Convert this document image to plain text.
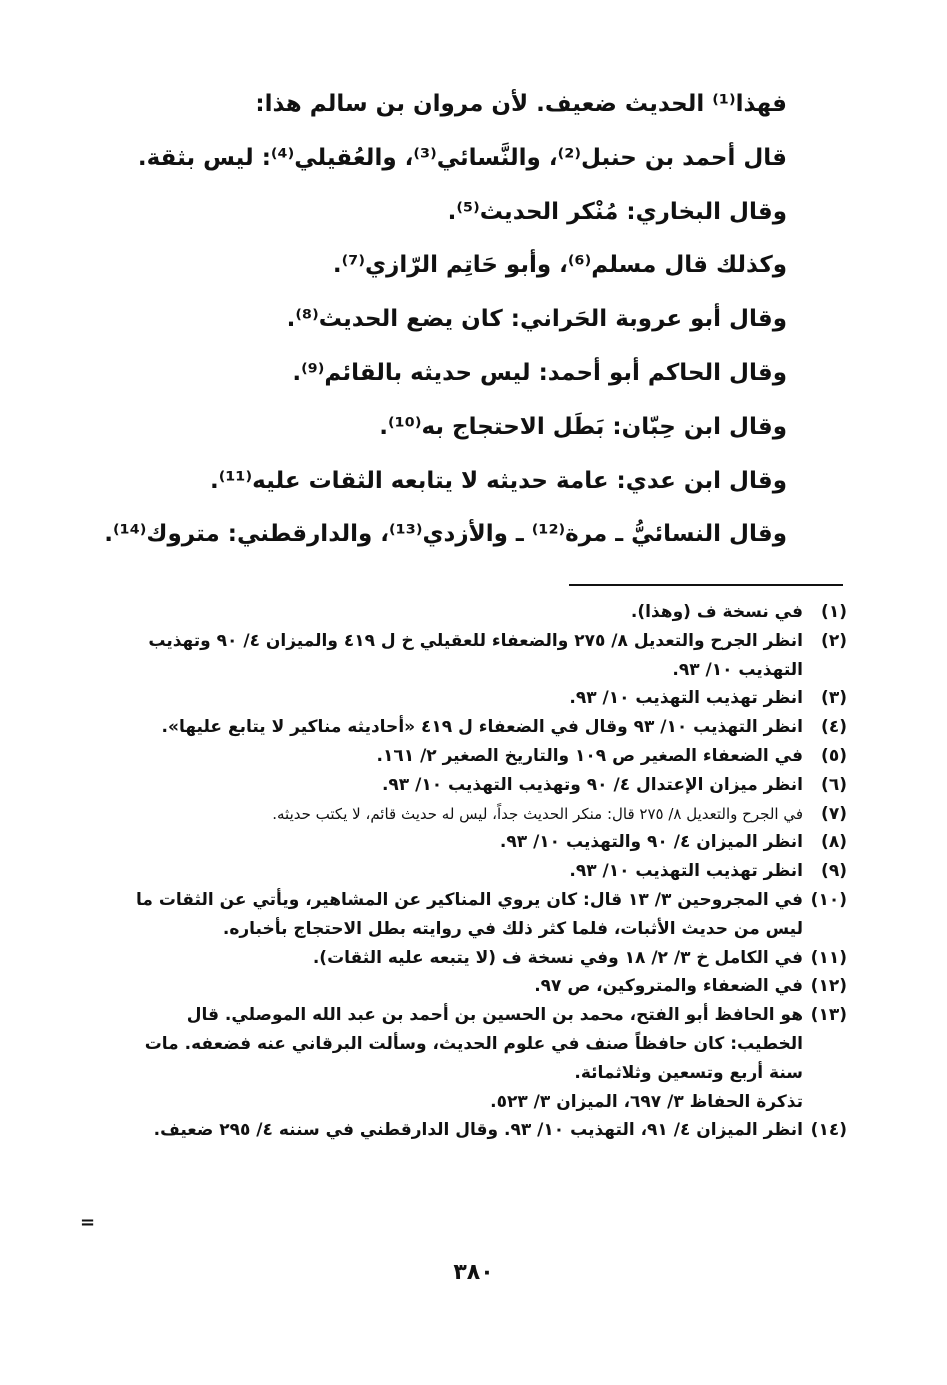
فهذا⁽¹⁾ الحديث ضعيف. لأن مروان بن سالم هذا:
قال أحمد بن حنبل⁽²⁾، والنَّسائي⁽³⁾، والعُقيلي⁽⁴⁾: ليس بثقة.
وقال البخاري: مُنْكر الحديث⁽⁵⁾.
وكذلك قال مسلم⁽⁶⁾، وأبو حَاتِم الرّازي⁽⁷⁾.
وقال أبو عروبة الحَراني: كان يضع الحديث⁽⁸⁾.
وقال الحاكم أبو أحمد: ليس حديثه بالقائم⁽⁹⁾.
وقال ابن حِبّان: بَطَل الاحتجاج به⁽¹⁰⁾.
وقال ابن عدي: عامة حديثه لا يتابعه الثقات عليه⁽¹¹⁾.
وقال النسائيُّ ـ مرة⁽¹²⁾ ـ والأزدي⁽¹³⁾، والدارقطني: متروك⁽¹⁴⁾.
(١)
في نسخة ف (وهذا).
(٢)
انظر الجرح والتعديل ٨/ ٢٧٥ والضعفاء للعقيلي خ ل ٤١٩ والميزان ٤/ ٩٠ وتهذيب
التهذيب ١٠/ ٩٣.
(٣)
انظر تهذيب التهذيب ١٠/ ٩٣.
(٤)
انظر التهذيب ١٠/ ٩٣ وقال في الضعفاء ل ٤١٩ «أحاديثه مناكير لا يتابع عليها».
(٥)
في الضعفاء الصغير ص ١٠٩ والتاريخ الصغير ٢/ ١٦١.
(٦)
انظر ميزان الإعتدال ٤/ ٩٠ وتهذيب التهذيب ١٠/ ٩٣.
(٧)
في الجرح والتعديل ٨/ ٢٧٥ قال: منكر الحديث جداً، ليس له حديث قائم، لا يكتب حديثه.
(٨)
انظر الميزان ٤/ ٩٠ والتهذيب ١٠/ ٩٣.
(٩)
انظر تهذيب التهذيب ١٠/ ٩٣.
(١٠)
في المجروحين ٣/ ١٣ قال: كان يروي المناكير عن المشاهير، ويأتي عن الثقات ما
ليس من حديث الأثبات، فلما كثر ذلك في روايته بطل الاحتجاج بأخباره.
(١١)
في الكامل خ ٣/ ٢/ ١٨ وفي نسخة ف (لا يتبعه عليه الثقات).
(١٢)
في الضعفاء والمتروكين، ص ٩٧.
(١٣)
هو الحافظ أبو الفتح، محمد بن الحسين بن أحمد بن عبد الله الموصلي. قال
الخطيب: كان حافظاً صنف في علوم الحديث، وسألت البرقاني عنه فضعفه. مات
سنة أربع وتسعين وثلاثمائة.
تذكرة الحفاظ ٣/ ٦٩٧، الميزان ٣/ ٥٢٣.
(١٤)
انظر الميزان ٤/ ٩١، التهذيب ١٠/ ٩٣. وقال الدارقطني في سننه ٤/ ٢٩٥ ضعيف.
=
٣٨٠
